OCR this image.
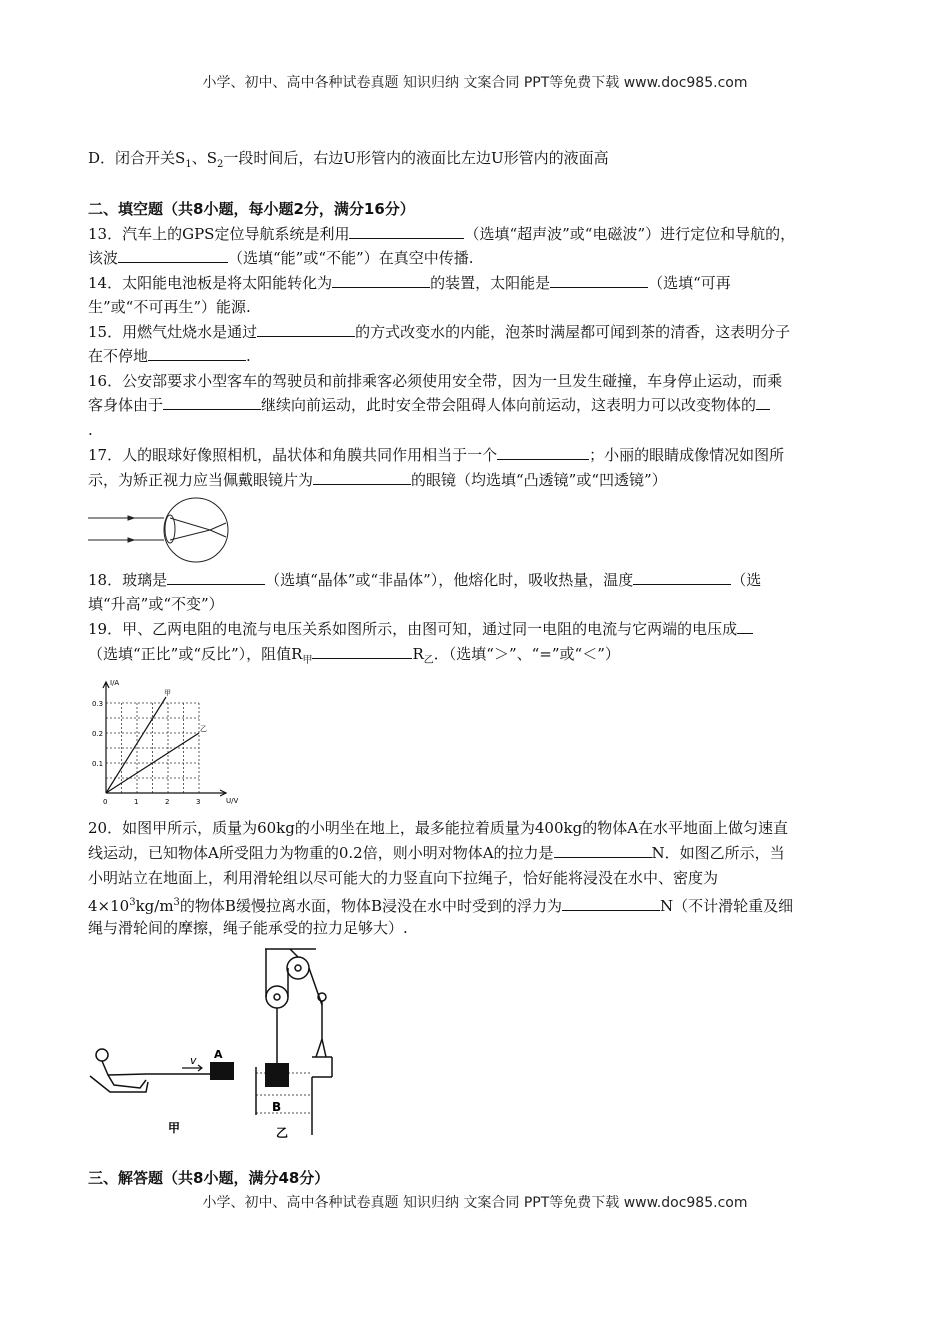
小学、初中、高中各种试卷真题 知识归纳 文案合同 PPT等免费下载 www.doc985.com
D．闭合开关$S_1$、$S_2$一段时间后，右边U形管内的液面比左边U形管内的液面高
二、填空题（共8小题，每小题2分，满分16分）
13．汽车上的GPS定位导航系统是利用	（选填“超声波”或“电磁波”）进行定位和导航的，
该波	（选填“能”或“不能”）在真空中传播.
14．太阳能电池板是将太阳能转化为	的装置，太阳能是	（选填“可再
生”或“不可再生”）能源.
15．用燃气灶烧水是通过	的方式改变水的内能，泡茶时满屋都可闻到茶的清香，这表明分子
在不停地	.
16．公安部要求小型客车的驾驶员和前排乘客必须使用安全带，因为一旦发生碰撞，车身停止运动，而乘
客身体由于	继续向前运动，此时安全带会阻碍人体向前运动，这表明力可以改变物体的
.
17．人的眼球好像照相机，晶状体和角膜共同作用相当于一个	；小丽的眼睛成像情况如图所
示，为矫正视力应当佩戴眼镜片为	的眼镜（均选填“凸透镜”或“凹透镜”）
18．玻璃是	（选填“晶体”或“非晶体”），他熔化时，吸收热量，温度	（选
填“升高”或“不变”）
19．甲、乙两电阻的电流与电压关系如图所示，由图可知，通过同一电阻的电流与它两端的电压成
（选填“正比”或“反比”），阻值$R_甲$	$R_乙$．（选填“＞”、“=”或“＜”）
I/A
U/V
0.3
0.2
0.1
0	1	2	3
甲
乙
20．如图甲所示，质量为60kg的小明坐在地上，最多能拉着质量为400kg的物体A在水平地面上做匀速直
线运动，已知物体A所受阻力为物重的0.2倍，则小明对物体A的拉力是	N．如图乙所示，当
小明站立在地面上，利用滑轮组以尽可能大的力竖直向下拉绳子，恰好能将浸没在水中、密度为
$4\times 10^3kg/m^3$的物体B缓慢拉离水面，物体B浸没在水中时受到的浮力为	N（不计滑轮重及细
绳与滑轮间的摩擦，绳子能承受的拉力足够大）.
A
v
甲
B
乙
三、解答题（共8小题，满分48分）
小学、初中、高中各种试卷真题 知识归纳 文案合同 PPT等免费下载 www.doc985.com
